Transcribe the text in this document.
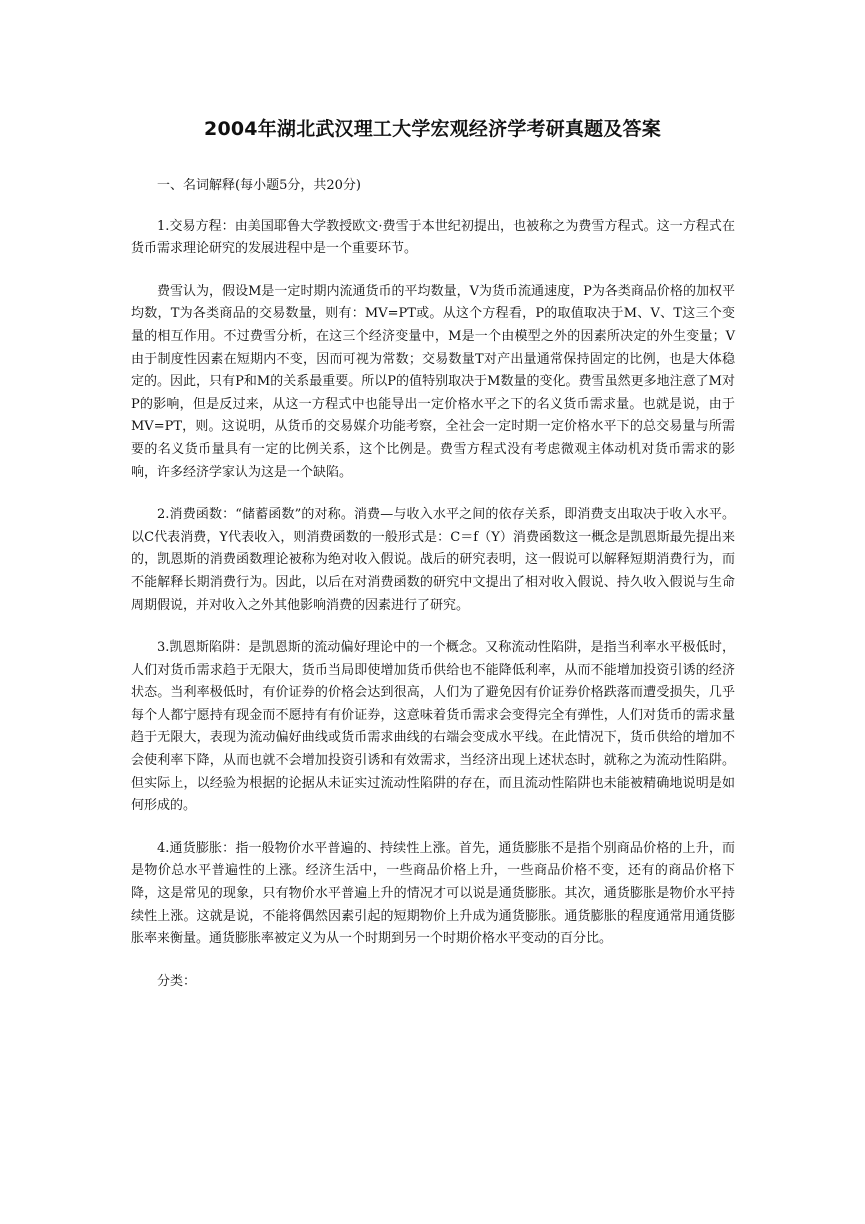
2004年湖北武汉理工大学宏观经济学考研真题及答案

一、名词解释(每小题5分，共20分)

1.交易方程：由美国耶鲁大学教授欧文·费雪于本世纪初提出，也被称之为费雪方程式。这一方程式在货币需求理论研究的发展进程中是一个重要环节。

费雪认为，假设M是一定时期内流通货币的平均数量，V为货币流通速度，P为各类商品价格的加权平均数，T为各类商品的交易数量，则有：MV=PT或。从这个方程看，P的取值取决于M、V、T这三个变量的相互作用。不过费雪分析，在这三个经济变量中，M是一个由模型之外的因素所决定的外生变量；V由于制度性因素在短期内不变，因而可视为常数；交易数量T对产出量通常保持固定的比例，也是大体稳定的。因此，只有P和M的关系最重要。所以P的值特别取决于M数量的变化。费雪虽然更多地注意了M对P的影响，但是反过来，从这一方程式中也能导出一定价格水平之下的名义货币需求量。也就是说，由于MV=PT，则。这说明，从货币的交易媒介功能考察，全社会一定时期一定价格水平下的总交易量与所需要的名义货币量具有一定的比例关系，这个比例是。费雪方程式没有考虑微观主体动机对货币需求的影响，许多经济学家认为这是一个缺陷。

2.消费函数：“储蓄函数”的对称。消费—与收入水平之间的依存关系，即消费支出取决于收入水平。以C代表消费，Y代表收入，则消费函数的一般形式是：C＝f（Y）消费函数这一概念是凯恩斯最先提出来的，凯恩斯的消费函数理论被称为绝对收入假说。战后的研究表明，这一假说可以解释短期消费行为，而不能解释长期消费行为。因此，以后在对消费函数的研究中文提出了相对收入假说、持久收入假说与生命周期假说，并对收入之外其他影响消费的因素进行了研究。

3.凯恩斯陷阱：是凯恩斯的流动偏好理论中的一个概念。又称流动性陷阱，是指当利率水平极低时，人们对货币需求趋于无限大，货币当局即使增加货币供给也不能降低利率，从而不能增加投资引诱的经济状态。当利率极低时，有价证券的价格会达到很高，人们为了避免因有价证券价格跌落而遭受损失，几乎每个人都宁愿持有现金而不愿持有有价证券，这意味着货币需求会变得完全有弹性，人们对货币的需求量趋于无限大，表现为流动偏好曲线或货币需求曲线的右端会变成水平线。在此情况下，货币供给的增加不会使利率下降，从而也就不会增加投资引诱和有效需求，当经济出现上述状态时，就称之为流动性陷阱。但实际上，以经验为根据的论据从未证实过流动性陷阱的存在，而且流动性陷阱也未能被精确地说明是如何形成的。

4.通货膨胀：指一般物价水平普遍的、持续性上涨。首先，通货膨胀不是指个别商品价格的上升，而是物价总水平普遍性的上涨。经济生活中，一些商品价格上升，一些商品价格不变，还有的商品价格下降，这是常见的现象，只有物价水平普遍上升的情况才可以说是通货膨胀。其次，通货膨胀是物价水平持续性上涨。这就是说，不能将偶然因素引起的短期物价上升成为通货膨胀。通货膨胀的程度通常用通货膨胀率来衡量。通货膨胀率被定义为从一个时期到另一个时期价格水平变动的百分比。

分类：
